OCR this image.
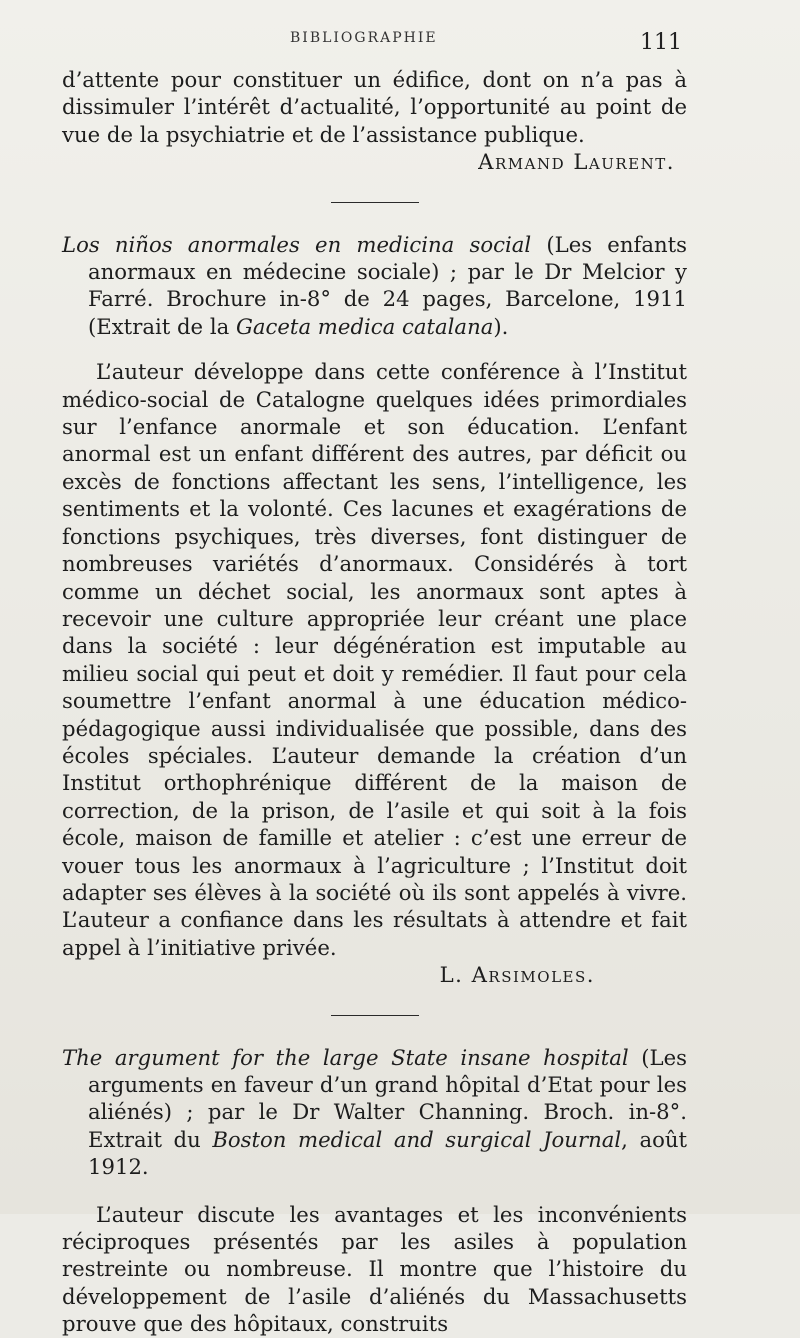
BIBLIOGRAPHIE	111

d’attente pour constituer un édifice, dont on n’a pas à dissimuler l’intérêt d’actualité, l’opportunité au point de vue de la psychiatrie et de l’assistance publique.

Armand Laurent.

Los niños anormales en medicina social (Les enfants anormaux en médecine sociale) ; par le Dr Melcior y Farré. Brochure in-8° de 24 pages, Barcelone, 1911 (Extrait de la Gaceta medica catalana).

L’auteur développe dans cette conférence à l’Institut médico-social de Catalogne quelques idées primordiales sur l’enfance anormale et son éducation. L’enfant anormal est un enfant différent des autres, par déficit ou excès de fonctions affectant les sens, l’intelligence, les sentiments et la volonté. Ces lacunes et exagérations de fonctions psychiques, très diverses, font distinguer de nombreuses variétés d’anormaux. Considérés à tort comme un déchet social, les anormaux sont aptes à recevoir une culture appropriée leur créant une place dans la société : leur dégénération est imputable au milieu social qui peut et doit y remédier. Il faut pour cela soumettre l’enfant anormal à une éducation médico-pédagogique aussi individualisée que possible, dans des écoles spéciales. L’auteur demande la création d’un Institut orthophrénique différent de la maison de correction, de la prison, de l’asile et qui soit à la fois école, maison de famille et atelier : c’est une erreur de vouer tous les anormaux à l’agriculture ; l’Institut doit adapter ses élèves à la société où ils sont appelés à vivre. L’auteur a confiance dans les résultats à attendre et fait appel à l’initiative privée.

L. Arsimoles.

The argument for the large State insane hospital (Les arguments en faveur d’un grand hôpital d’Etat pour les aliénés) ; par le Dr Walter Channing. Broch. in-8°. Extrait du Boston medical and surgical Journal, août 1912.

L’auteur discute les avantages et les inconvénients réciproques présentés par les asiles à population restreinte ou nombreuse. Il montre que l’histoire du développement de l’asile d’aliénés du Massachusetts prouve que des hôpitaux, construits
